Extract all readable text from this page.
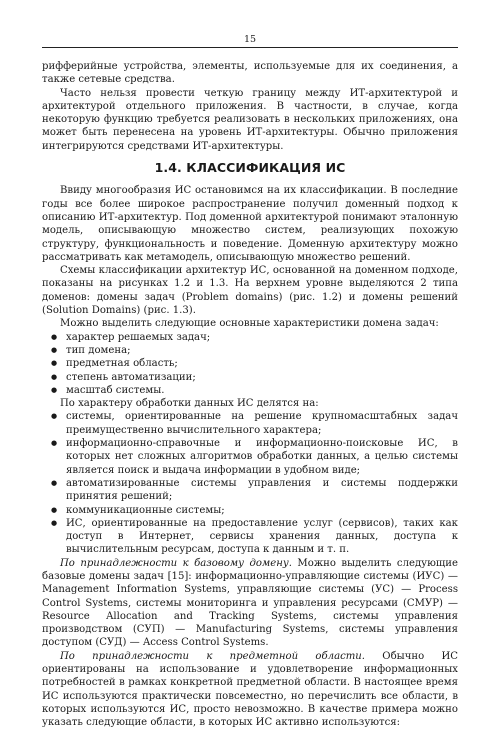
15

рифферийные устройства, элементы, используемые для их соединения, а также сетевые средства.

Часто нельзя провести четкую границу между ИТ-архитектурой и архитектурой отдельного приложения. В частности, в случае, когда некоторую функцию требуется реализовать в нескольких приложениях, она может быть перенесена на уровень ИТ-архитектуры. Обычно приложения интегрируются средствами ИТ-архитектуры.

1.4. КЛАССИФИКАЦИЯ ИС

Ввиду многообразия ИС остановимся на их классификации. В последние годы все более широкое распространение получил доменный подход к описанию ИТ-архитектур. Под доменной архитектурой понимают эталонную модель, описывающую множество систем, реализующих похожую структуру, функциональность и поведение. Доменную архитектуру можно рассматривать как метамодель, описывающую множество решений.

Схемы классификации архитектур ИС, основанной на доменном подходе, показаны на рисунках 1.2 и 1.3. На верхнем уровне выделяются 2 типа доменов: домены задач (Problem domains) (рис. 1.2) и домены решений (Solution Domains) (рис. 1.3).

Можно выделить следующие основные характеристики домена задач:

● характер решаемых задач;
● тип домена;
● предметная область;
● степень автоматизации;
● масштаб системы.

По характеру обработки данных ИС делятся на:

● системы, ориентированные на решение крупномасштабных задач преимущественно вычислительного характера;
● информационно-справочные и информационно-поисковые ИС, в которых нет сложных алгоритмов обработки данных, а целью системы является поиск и выдача информации в удобном виде;
● автоматизированные системы управления и системы поддержки принятия решений;
● коммуникационные системы;
● ИС, ориентированные на предоставление услуг (сервисов), таких как доступ в Интернет, сервисы хранения данных, доступа к вычислительным ресурсам, доступа к данным и т. п.

По принадлежности к базовому домену. Можно выделить следующие базовые домены задач [15]: информационно-управляющие системы (ИУС) — Management Information Systems, управляющие системы (УС) — Process Control Systems, системы мониторинга и управления ресурсами (СМУР) — Resource Allocation and Tracking Systems, системы управления производством (СУП) — Manufacturing Systems, системы управления доступом (СУД) — Access Control Systems.

По принадлежности к предметной области. Обычно ИС ориентированы на использование и удовлетворение информационных потребностей в рамках конкретной предметной области. В настоящее время ИС используются практически повсеместно, но перечислить все области, в которых используются ИС, просто невозможно. В качестве примера можно указать следующие области, в которых ИС активно используются:
